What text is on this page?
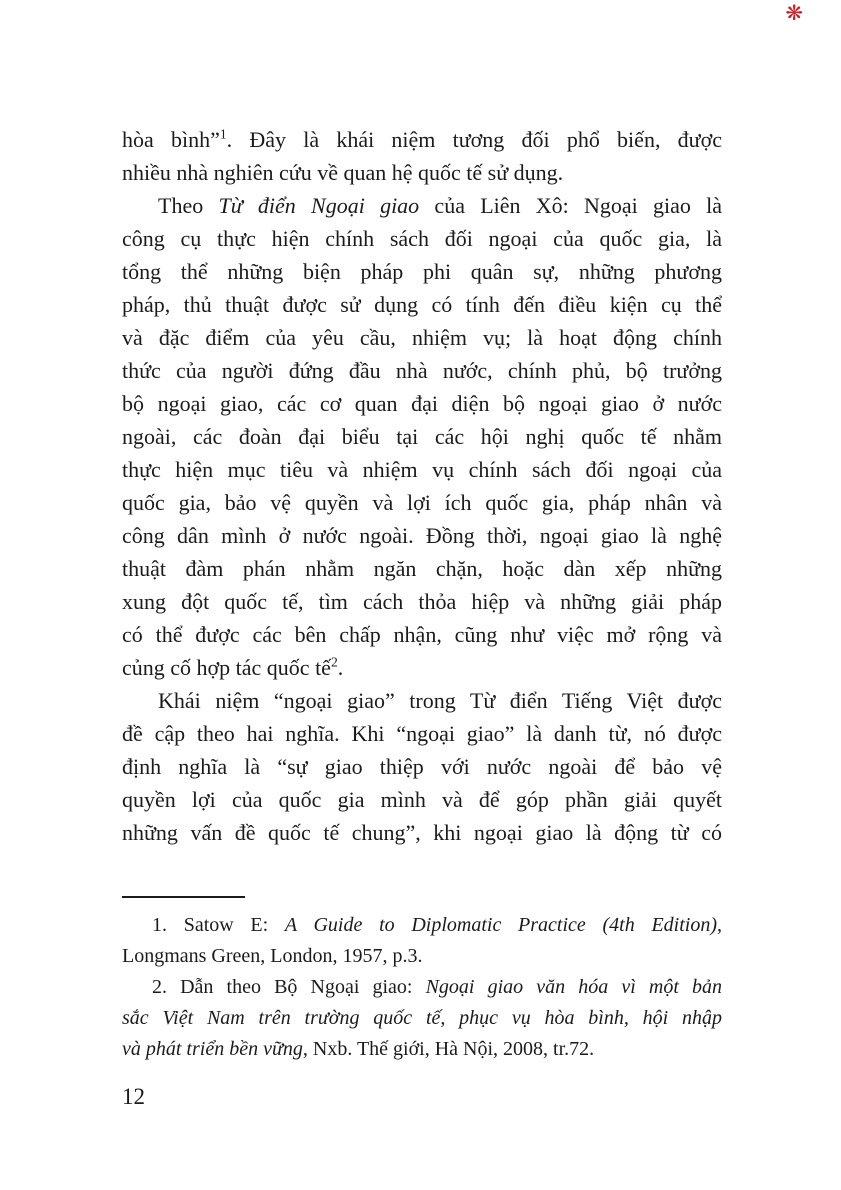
❋
hòa bình”$^1$. Đây là khái niệm tương đối phổ biến, được
nhiều nhà nghiên cứu về quan hệ quốc tế sử dụng.
Theo Từ điển Ngoại giao của Liên Xô: Ngoại giao là
công cụ thực hiện chính sách đối ngoại của quốc gia, là
tổng thể những biện pháp phi quân sự, những phương
pháp, thủ thuật được sử dụng có tính đến điều kiện cụ thể
và đặc điểm của yêu cầu, nhiệm vụ; là hoạt động chính
thức của người đứng đầu nhà nước, chính phủ, bộ trưởng
bộ ngoại giao, các cơ quan đại diện bộ ngoại giao ở nước
ngoài, các đoàn đại biểu tại các hội nghị quốc tế nhằm
thực hiện mục tiêu và nhiệm vụ chính sách đối ngoại của
quốc gia, bảo vệ quyền và lợi ích quốc gia, pháp nhân và
công dân mình ở nước ngoài. Đồng thời, ngoại giao là nghệ
thuật đàm phán nhằm ngăn chặn, hoặc dàn xếp những
xung đột quốc tế, tìm cách thỏa hiệp và những giải pháp
có thể được các bên chấp nhận, cũng như việc mở rộng và
củng cố hợp tác quốc tế$^2$.
Khái niệm “ngoại giao” trong Từ điển Tiếng Việt được
đề cập theo hai nghĩa. Khi “ngoại giao” là danh từ, nó được
định nghĩa là “sự giao thiệp với nước ngoài để bảo vệ
quyền lợi của quốc gia mình và để góp phần giải quyết
những vấn đề quốc tế chung”, khi ngoại giao là động từ có
1. Satow E: A Guide to Diplomatic Practice (4th Edition),
Longmans Green, London, 1957, p.3.
2. Dẫn theo Bộ Ngoại giao: Ngoại giao văn hóa vì một bản
sắc Việt Nam trên trường quốc tế, phục vụ hòa bình, hội nhập
và phát triển bền vững, Nxb. Thế giới, Hà Nội, 2008, tr.72.
12
